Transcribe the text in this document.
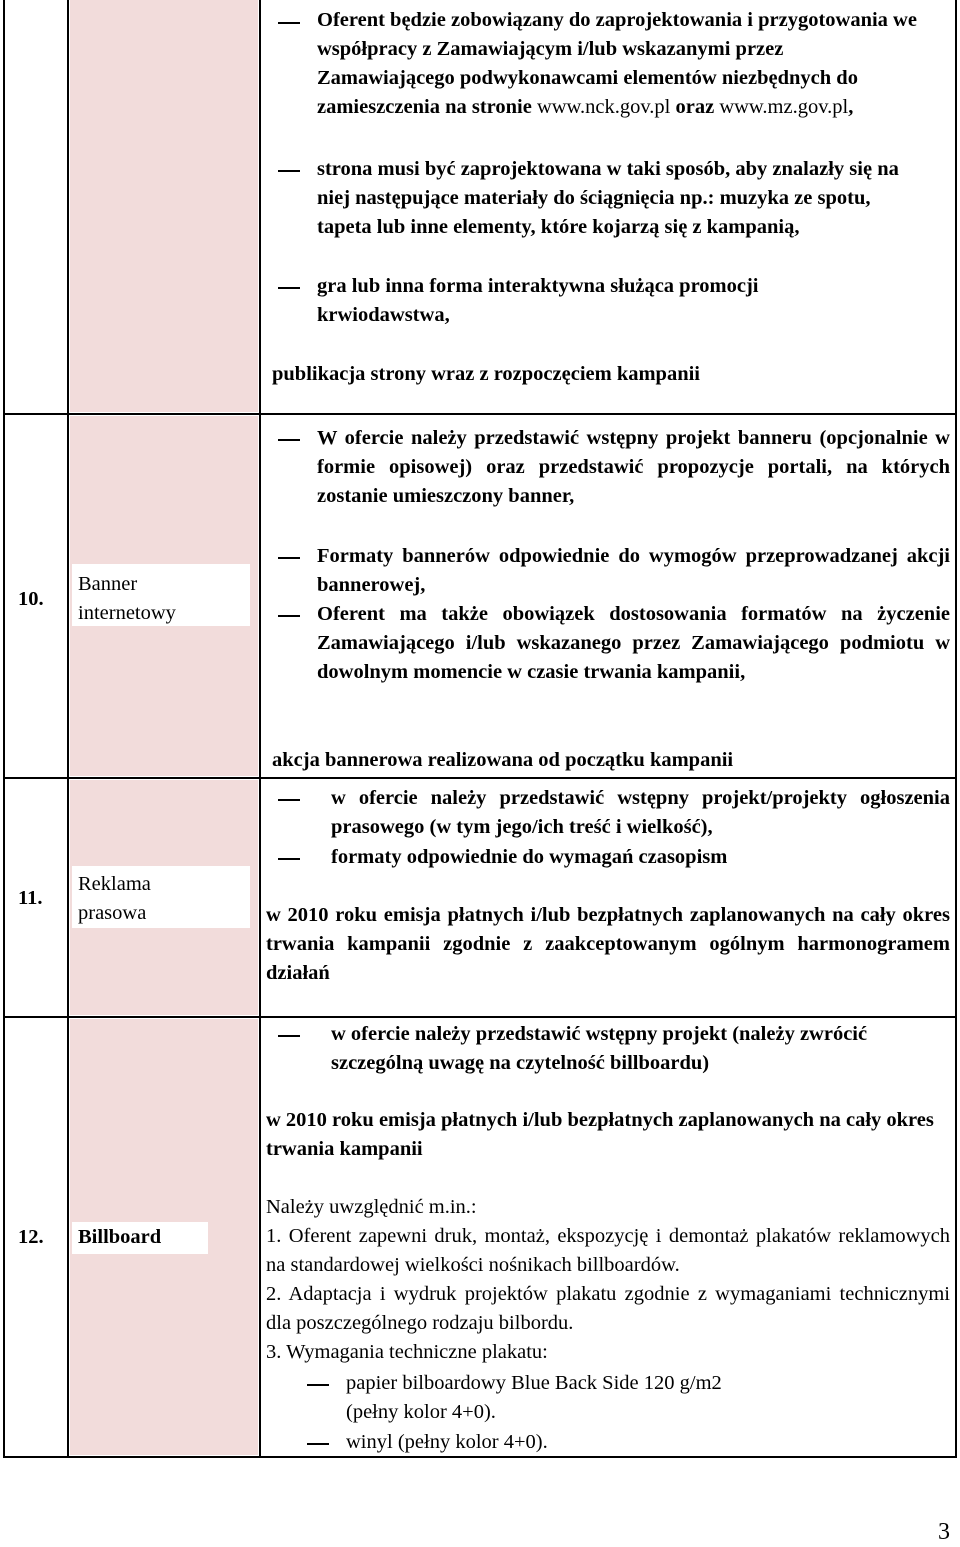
Oferent będzie zobowiązany do zaprojektowania i przygotowania we współpracy z Zamawiającym i/lub wskazanymi przez Zamawiającego podwykonawcami elementów niezbędnych do zamieszczenia na stronie www.nck.gov.pl oraz www.mz.gov.pl,
strona musi być zaprojektowana w taki sposób, aby znalazły się na niej następujące materiały do ściągnięcia np.: muzyka ze spotu, tapeta lub inne elementy, które kojarzą się z kampanią,
gra lub inna forma interaktywna służąca promocji krwiodawstwa,
publikacja strony wraz z rozpoczęciem kampanii
10.
Banner
internetowy
W ofercie należy przedstawić wstępny projekt banneru (opcjonalnie w formie opisowej) oraz przedstawić propozycje portali, na których zostanie umieszczony banner,
Formaty bannerów odpowiednie do wymogów przeprowadzanej akcji bannerowej,
Oferent ma także obowiązek dostosowania formatów na życzenie Zamawiającego i/lub wskazanego przez Zamawiającego podmiotu w dowolnym momencie w czasie trwania kampanii,
akcja bannerowa realizowana od początku kampanii
11.
Reklama
prasowa
w ofercie należy przedstawić wstępny projekt/projekty ogłoszenia prasowego (w tym jego/ich treść i wielkość),
formaty odpowiednie do wymagań czasopism
w 2010 roku emisja płatnych i/lub bezpłatnych zaplanowanych na cały okres trwania kampanii zgodnie z zaakceptowanym ogólnym harmonogramem działań
12. Billboard
w ofercie należy przedstawić wstępny projekt (należy zwrócić szczególną uwagę na czytelność billboardu)
w 2010 roku emisja płatnych i/lub bezpłatnych zaplanowanych na cały okres trwania kampanii
Należy uwzględnić m.in.:
1. Oferent zapewni druk, montaż, ekspozycję i demontaż plakatów reklamowych na standardowej wielkości nośnikach billboardów.
2. Adaptacja i wydruk projektów plakatu zgodnie z wymaganiami technicznymi dla poszczególnego rodzaju bilbordu.
3. Wymagania techniczne plakatu:
papier bilboardowy Blue Back Side 120 g/m2
(pełny kolor 4+0).
winyl (pełny kolor 4+0).
3
